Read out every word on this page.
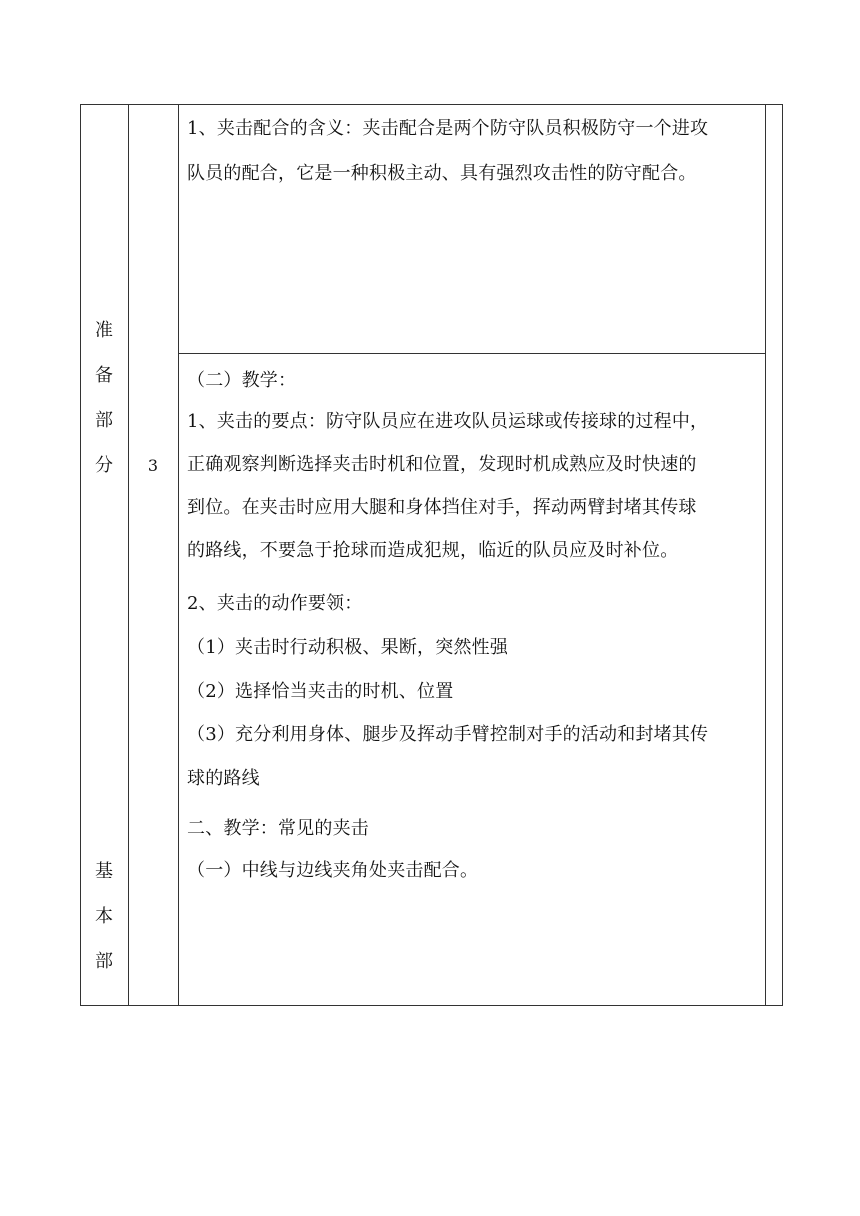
准
备
部
分
基
本
部
3
1、夹击配合的含义：夹击配合是两个防守队员积极防守一个进攻
队员的配合，它是一种积极主动、具有强烈攻击性的防守配合。
（二）教学：
1、夹击的要点：防守队员应在进攻队员运球或传接球的过程中，
正确观察判断选择夹击时机和位置，发现时机成熟应及时快速的
到位。在夹击时应用大腿和身体挡住对手，挥动两臂封堵其传球
的路线，不要急于抢球而造成犯规，临近的队员应及时补位。
2、夹击的动作要领：
（1）夹击时行动积极、果断，突然性强
（2）选择恰当夹击的时机、位置
（3）充分利用身体、腿步及挥动手臂控制对手的活动和封堵其传
球的路线
二、教学：常见的夹击
（一）中线与边线夹角处夹击配合。
